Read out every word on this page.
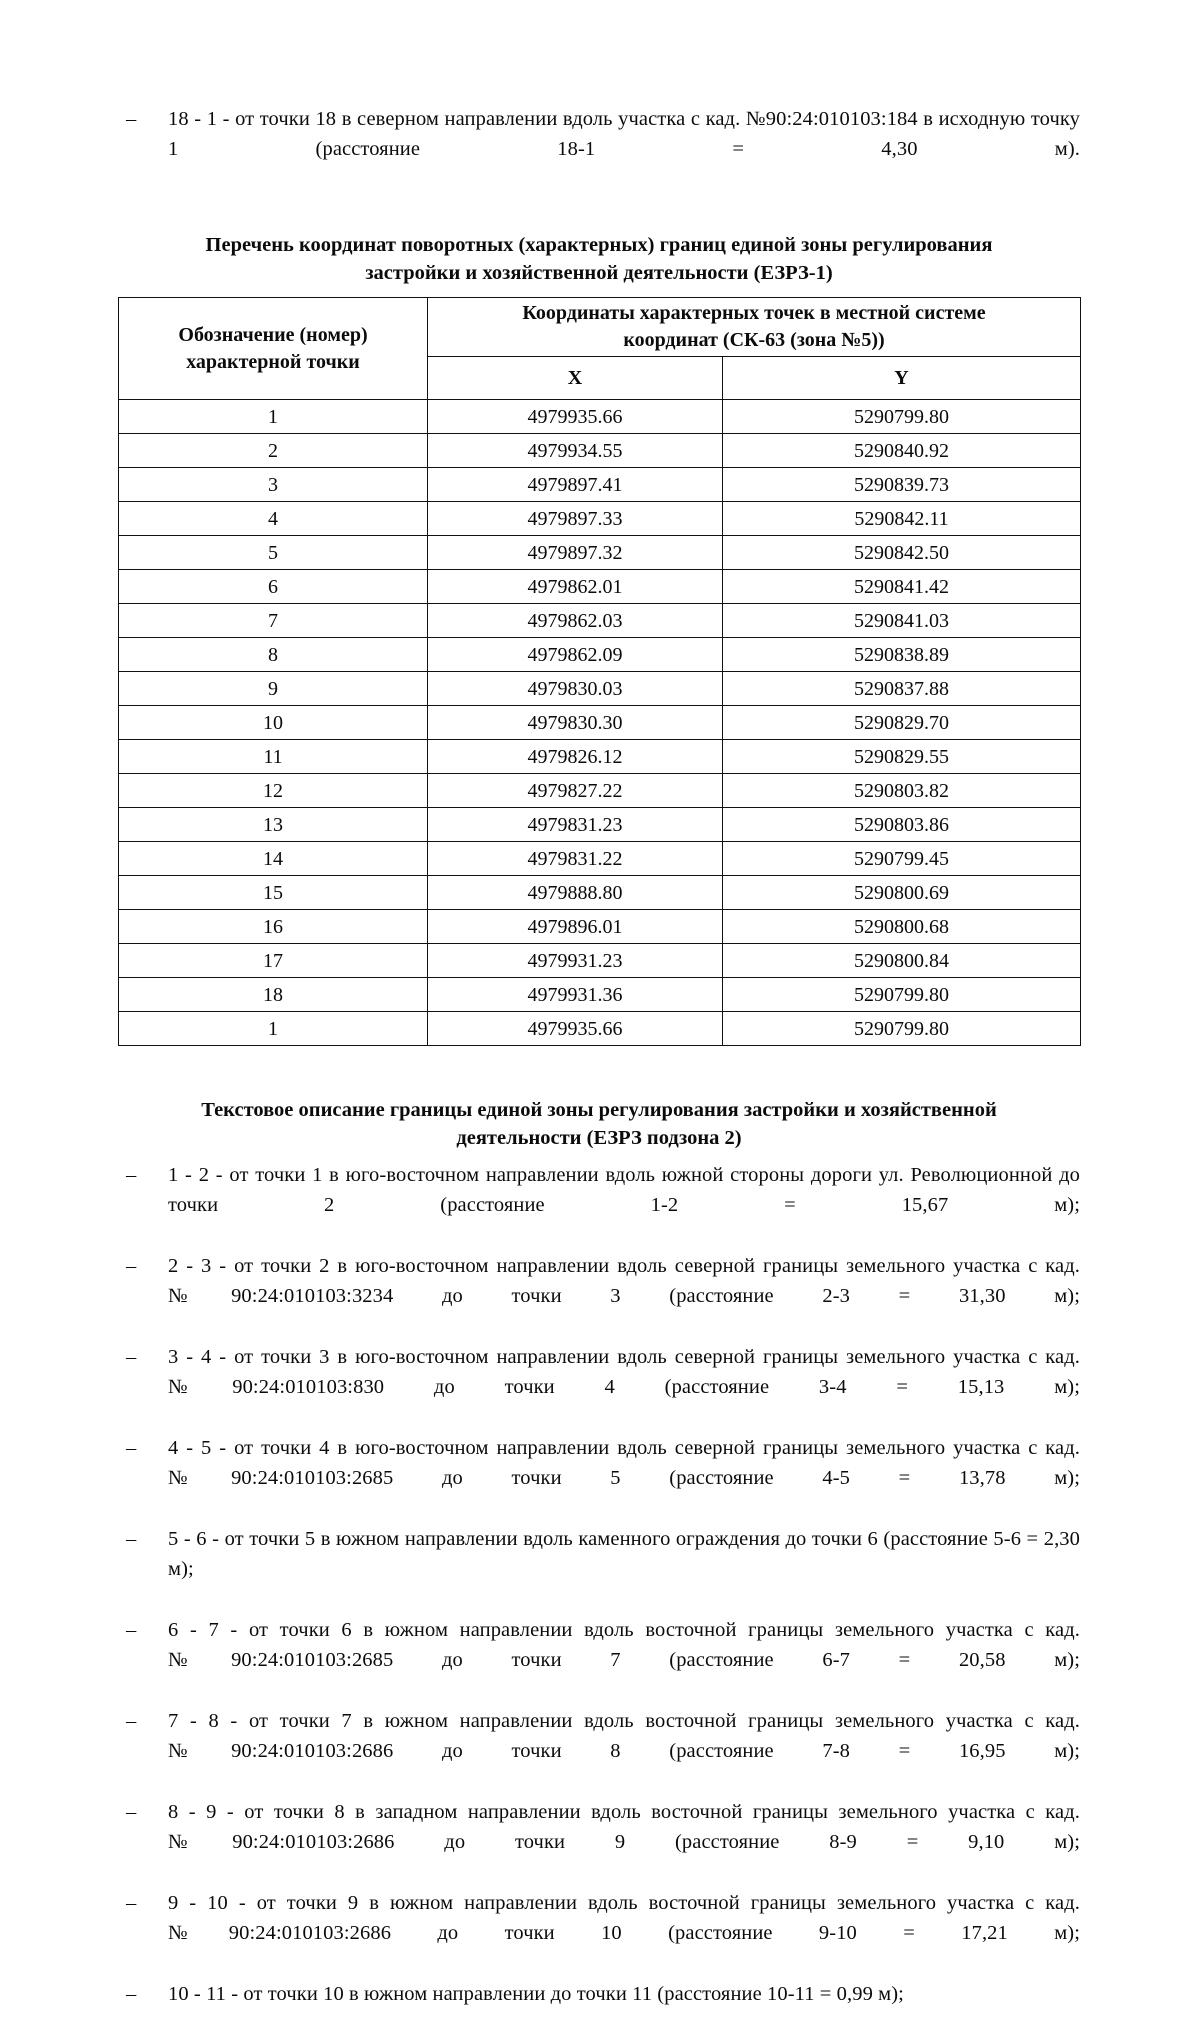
– 18 - 1 - от точки 18 в северном направлении вдоль участка с кад. №90:24:010103:184 в исходную точку 1 (расстояние 18-1 = 4,30 м).
Перечень координат поворотных (характерных) границ единой зоны регулирования
застройки и хозяйственной деятельности (ЕЗРЗ-1)
Обозначение (номер) характерной точки	Координаты характерных точек в местной системе
координат (СК-63 (зона №5))	

	X	Y
1	4979935.66	5290799.80
2	4979934.55	5290840.92
3	4979897.41	5290839.73
4	4979897.33	5290842.11
5	4979897.32	5290842.50
6	4979862.01	5290841.42
7	4979862.03	5290841.03
8	4979862.09	5290838.89
9	4979830.03	5290837.88
10	4979830.30	5290829.70
11	4979826.12	5290829.55
12	4979827.22	5290803.82
13	4979831.23	5290803.86
14	4979831.22	5290799.45
15	4979888.80	5290800.69
16	4979896.01	5290800.68
17	4979931.23	5290800.84
18	4979931.36	5290799.80
1	4979935.66	5290799.80
Текстовое описание границы единой зоны регулирования застройки и хозяйственной
деятельности (ЕЗРЗ подзона 2)
– 1 - 2 - от точки 1 в юго-восточном направлении вдоль южной стороны дороги ул. Революционной до точки 2 (расстояние 1-2 = 15,67 м);
– 2 - 3 - от точки 2 в юго-восточном направлении вдоль северной границы земельного участка с кад. №90:24:010103:3234 до точки 3 (расстояние 2-3 = 31,30 м);
– 3 - 4 - от точки 3 в юго-восточном направлении вдоль северной границы земельного участка с кад. №90:24:010103:830 до точки 4 (расстояние 3-4 = 15,13 м);
– 4 - 5 - от точки 4 в юго-восточном направлении вдоль северной границы земельного участка с кад. №90:24:010103:2685 до точки 5 (расстояние 4-5 = 13,78 м);
– 5 - 6 - от точки 5 в южном направлении вдоль каменного ограждения до точки 6 (расстояние 5-6 = 2,30 м);
– 6 - 7 - от точки 6 в южном направлении вдоль восточной границы земельного участка с кад. №90:24:010103:2685 до точки 7 (расстояние 6-7 = 20,58 м);
– 7 - 8 - от точки 7 в южном направлении вдоль восточной границы земельного участка с кад. №90:24:010103:2686 до точки 8 (расстояние 7-8 = 16,95 м);
– 8 - 9 - от точки 8 в западном направлении вдоль восточной границы земельного участка с кад. №90:24:010103:2686 до точки 9 (расстояние 8-9 = 9,10 м);
– 9 - 10 - от точки 9 в южном направлении вдоль восточной границы земельного участка с кад. №90:24:010103:2686 до точки 10 (расстояние 9-10 = 17,21 м);
– 10 - 11 - от точки 10 в южном направлении до точки 11 (расстояние 10-11 = 0,99 м);
